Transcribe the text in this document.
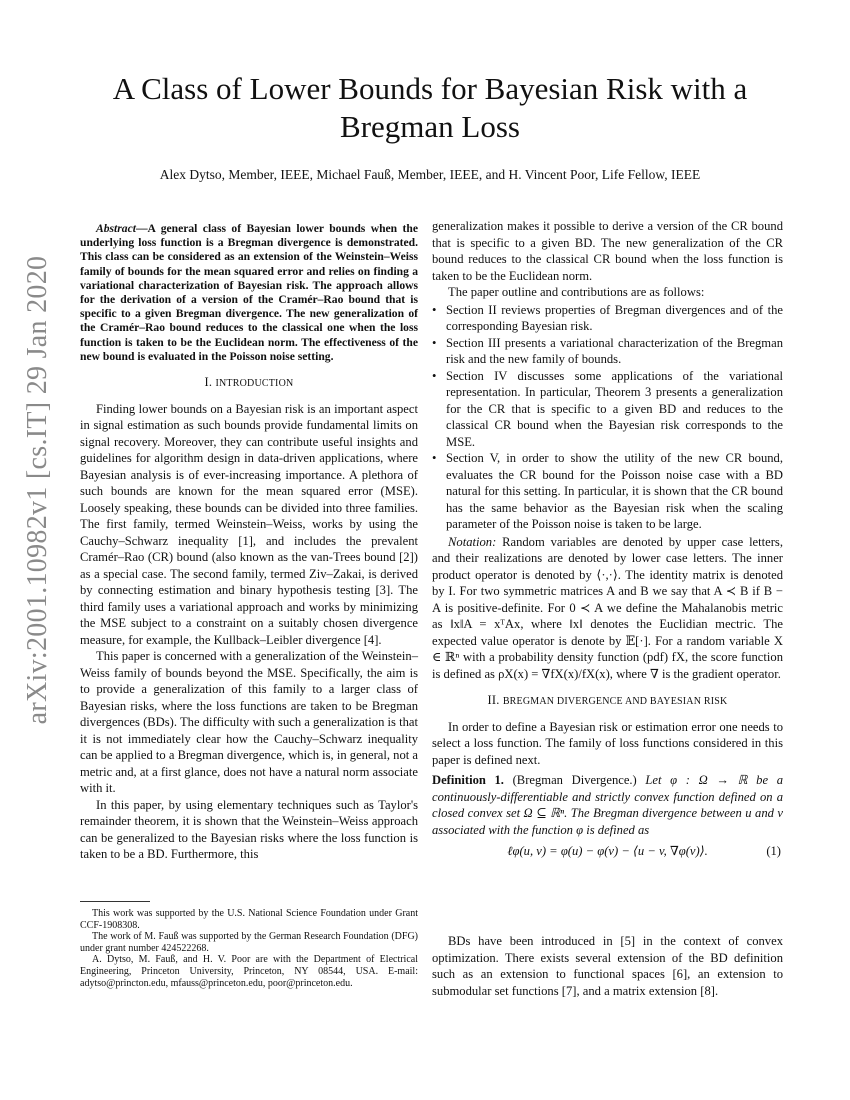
arXiv:2001.10982v1 [cs.IT] 29 Jan 2020
A Class of Lower Bounds for Bayesian Risk with a Bregman Loss
Alex Dytso, Member, IEEE, Michael Fauß, Member, IEEE, and H. Vincent Poor, Life Fellow, IEEE

Abstract—A general class of Bayesian lower bounds when the underlying loss function is a Bregman divergence is demonstrated. This class can be considered as an extension of the Weinstein–Weiss family of bounds for the mean squared error and relies on finding a variational characterization of Bayesian risk. The approach allows for the derivation of a version of the Cramér–Rao bound that is specific to a given Bregman divergence. The new generalization of the Cramér–Rao bound reduces to the classical one when the loss function is taken to be the Euclidean norm. The effectiveness of the new bound is evaluated in the Poisson noise setting.

I. INTRODUCTION

Finding lower bounds on a Bayesian risk is an important aspect in signal estimation as such bounds provide fundamental limits on signal recovery. Moreover, they can contribute useful insights and guidelines for algorithm design in data-driven applications, where Bayesian analysis is of ever-increasing importance. A plethora of such bounds are known for the mean squared error (MSE). Loosely speaking, these bounds can be divided into three families. The first family, termed Weinstein–Weiss, works by using the Cauchy–Schwarz inequality [1], and includes the prevalent Cramér–Rao (CR) bound (also known as the van-Trees bound [2]) as a special case. The second family, termed Ziv–Zakai, is derived by connecting estimation and binary hypothesis testing [3]. The third family uses a variational approach and works by minimizing the MSE subject to a constraint on a suitably chosen divergence measure, for example, the Kullback–Leibler divergence [4].

This paper is concerned with a generalization of the Weinstein–Weiss family of bounds beyond the MSE. Specifically, the aim is to provide a generalization of this family to a larger class of Bayesian risks, where the loss functions are taken to be Bregman divergences (BDs). The difficulty with such a generalization is that it is not immediately clear how the Cauchy–Schwarz inequality can be applied to a Bregman divergence, which is, in general, not a metric and, at a first glance, does not have a natural norm associate with it.

In this paper, by using elementary techniques such as Taylor's remainder theorem, it is shown that the Weinstein–Weiss approach can be generalized to the Bayesian risks where the loss function is taken to be a BD. Furthermore, this

This work was supported by the U.S. National Science Foundation under Grant CCF-1908308.

The work of M. Fauß was supported by the German Research Foundation (DFG) under grant number 424522268.

A. Dytso, M. Fauß, and H. V. Poor are with the Department of Electrical Engineering, Princeton University, Princeton, NY 08544, USA. E-mail: adytso@princton.edu, mfauss@princeton.edu, poor@princeton.edu.

generalization makes it possible to derive a version of the CR bound that is specific to a given BD. The new generalization of the CR bound reduces to the classical CR bound when the loss function is taken to be the Euclidean norm.

The paper outline and contributions are as follows:

• Section II reviews properties of Bregman divergences and of the corresponding Bayesian risk.
• Section III presents a variational characterization of the Bregman risk and the new family of bounds.
• Section IV discusses some applications of the variational representation. In particular, Theorem 3 presents a generalization for the CR that is specific to a given BD and reduces to the classical CR bound when the Bayesian risk corresponds to the MSE.
• Section V, in order to show the utility of the new CR bound, evaluates the CR bound for the Poisson noise case with a BD natural for this setting. In particular, it is shown that the CR bound has the same behavior as the Bayesian risk when the scaling parameter of the Poisson noise is taken to be large.

Notation: Random variables are denoted by upper case letters, and their realizations are denoted by lower case letters. The inner product operator is denoted by ⟨·,·⟩. The identity matrix is denoted by I. For two symmetric matrices A and B we say that A ≺ B if B − A is positive-definite. For 0 ≺ A we define the Mahalanobis metric as ‖x‖A = xᵀAx, where ‖x‖ denotes the Euclidian mectric. The expected value operator is denote by 𝔼[·]. For a random variable X ∈ ℝⁿ with a probability density function (pdf) fX, the score function is defined as ρX(x) = ∇fX(x)/fX(x), where ∇ is the gradient operator.

II. BREGMAN DIVERGENCE AND BAYESIAN RISK

In order to define a Bayesian risk or estimation error one needs to select a loss function. The family of loss functions considered in this paper is defined next.

Definition 1. (Bregman Divergence.) Let φ : Ω → ℝ be a continuously-differentiable and strictly convex function defined on a closed convex set Ω ⊆ ℝⁿ. The Bregman divergence between u and v associated with the function φ is defined as

ℓφ(u, v) = φ(u) − φ(v) − ⟨u − v, ∇φ(v)⟩.	(1)

BDs have been introduced in [5] in the context of convex optimization. There exists several extension of the BD definition such as an extension to functional spaces [6], an extension to submodular set functions [7], and a matrix extension [8].
